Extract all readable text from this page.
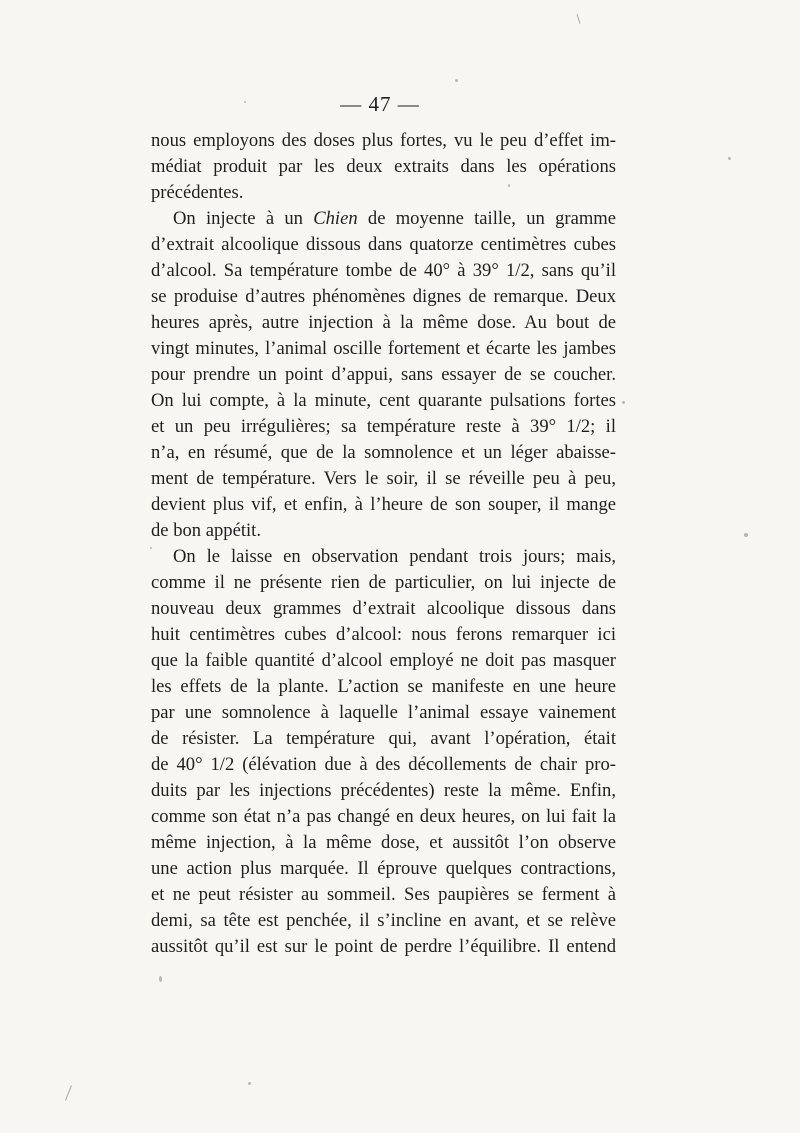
— 47 —
nous employons des doses plus fortes, vu le peu d’effet im-
médiat produit par les deux extraits dans les opérations
précédentes.
On injecte à un Chien de moyenne taille, un gramme
d’extrait alcoolique dissous dans quatorze centimètres cubes
d’alcool. Sa température tombe de 40° à 39° 1/2, sans qu’il
se produise d’autres phénomènes dignes de remarque. Deux
heures après, autre injection à la même dose. Au bout de
vingt minutes, l’animal oscille fortement et écarte les jambes
pour prendre un point d’appui, sans essayer de se coucher.
On lui compte, à la minute, cent quarante pulsations fortes
et un peu irrégulières; sa température reste à 39° 1/2; il
n’a, en résumé, que de la somnolence et un léger abaisse-
ment de température. Vers le soir, il se réveille peu à peu,
devient plus vif, et enfin, à l’heure de son souper, il mange
de bon appétit.
On le laisse en observation pendant trois jours; mais,
comme il ne présente rien de particulier, on lui injecte de
nouveau deux grammes d’extrait alcoolique dissous dans
huit centimètres cubes d’alcool: nous ferons remarquer ici
que la faible quantité d’alcool employé ne doit pas masquer
les effets de la plante. L’action se manifeste en une heure
par une somnolence à laquelle l’animal essaye vainement
de résister. La température qui, avant l’opération, était
de 40° 1/2 (élévation due à des décollements de chair pro-
duits par les injections précédentes) reste la même. Enfin,
comme son état n’a pas changé en deux heures, on lui fait la
même injection, à la même dose, et aussitôt l’on observe
une action plus marquée. Il éprouve quelques contractions,
et ne peut résister au sommeil. Ses paupières se ferment à
demi, sa tête est penchée, il s’incline en avant, et se relève
aussitôt qu’il est sur le point de perdre l’équilibre. Il entend
